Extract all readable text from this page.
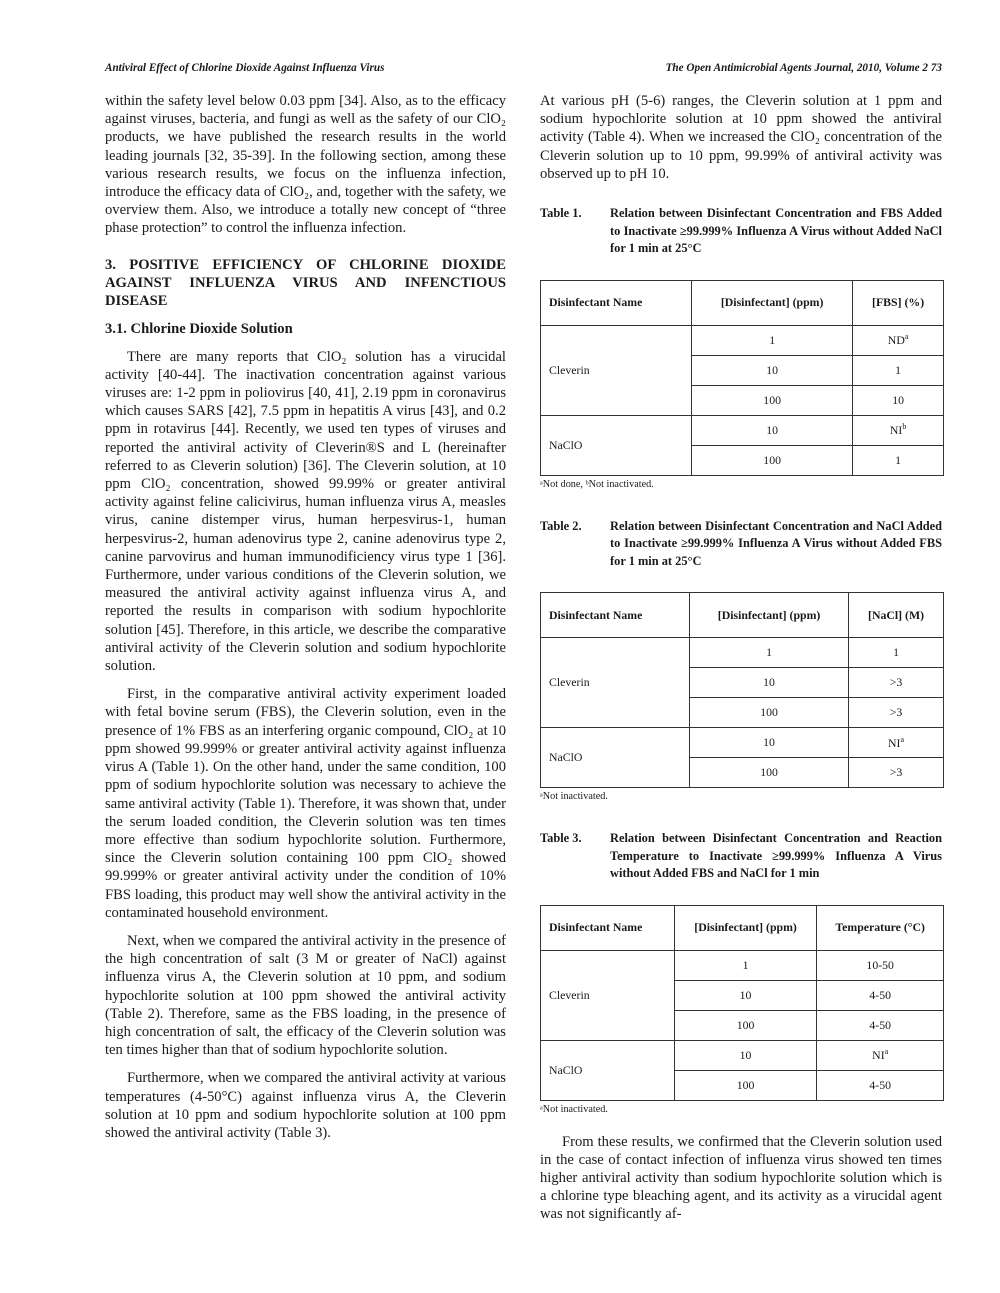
Antiviral Effect of Chlorine Dioxide Against Influenza Virus	The Open Antimicrobial Agents Journal, 2010, Volume 2 73

within the safety level below 0.03 ppm [34]. Also, as to the efficacy against viruses, bacteria, and fungi as well as the safety of our ClO₂ products, we have published the research results in the world leading journals [32, 35-39]. In the following section, among these various research results, we focus on the influenza infection, introduce the efficacy data of ClO₂, and, together with the safety, we overview them. Also, we introduce a totally new concept of “three phase protection” to control the influenza infection.

3. POSITIVE EFFICIENCY OF CHLORINE DIOXIDE AGAINST INFLUENZA VIRUS AND INFENCTIOUS DISEASE
3.1. Chlorine Dioxide Solution

There are many reports that ClO₂ solution has a virucidal activity [40-44]. The inactivation concentration against various viruses are: 1-2 ppm in poliovirus [40, 41], 2.19 ppm in coronavirus which causes SARS [42], 7.5 ppm in hepatitis A virus [43], and 0.2 ppm in rotavirus [44]. Recently, we used ten types of viruses and reported the antiviral activity of Cleverin®S and L (hereinafter referred to as Cleverin solution) [36]. The Cleverin solution, at 10 ppm ClO₂ concentration, showed 99.99% or greater antiviral activity against feline calicivirus, human influenza virus A, measles virus, canine distemper virus, human herpesvirus-1, human herpesvirus-2, human adenovirus type 2, canine adenovirus type 2, canine parvovirus and human immunodificiency virus type 1 [36]. Furthermore, under various conditions of the Cleverin solution, we measured the antiviral activity against influenza virus A, and reported the results in comparison with sodium hypochlorite solution [45]. Therefore, in this article, we describe the comparative antiviral activity of the Cleverin solution and sodium hypochlorite solution.

First, in the comparative antiviral activity experiment loaded with fetal bovine serum (FBS), the Cleverin solution, even in the presence of 1% FBS as an interfering organic compound, ClO₂ at 10 ppm showed 99.999% or greater antiviral activity against influenza virus A (Table 1). On the other hand, under the same condition, 100 ppm of sodium hypochlorite solution was necessary to achieve the same antiviral activity (Table 1). Therefore, it was shown that, under the serum loaded condition, the Cleverin solution was ten times more effective than sodium hypochlorite solution. Furthermore, since the Cleverin solution containing 100 ppm ClO₂ showed 99.999% or greater antiviral activity under the condition of 10% FBS loading, this product may well show the antiviral activity in the contaminated household environment.

Next, when we compared the antiviral activity in the presence of the high concentration of salt (3 M or greater of NaCl) against influenza virus A, the Cleverin solution at 10 ppm, and sodium hypochlorite solution at 100 ppm showed the antiviral activity (Table 2). Therefore, same as the FBS loading, in the presence of high concentration of salt, the efficacy of the Cleverin solution was ten times higher than that of sodium hypochlorite solution.

Furthermore, when we compared the antiviral activity at various temperatures (4-50°C) against influenza virus A, the Cleverin solution at 10 ppm and sodium hypochlorite solution at 100 ppm showed the antiviral activity (Table 3).

At various pH (5-6) ranges, the Cleverin solution at 1 ppm and sodium hypochlorite solution at 10 ppm showed the antiviral activity (Table 4). When we increased the ClO₂ concentration of the Cleverin solution up to 10 ppm, 99.99% of antiviral activity was observed up to pH 10.

Table 1.	Relation between Disinfectant Concentration and FBS Added to Inactivate ≥99.999% Influenza A Virus without Added NaCl for 1 min at 25°C
Disinfectant Name	[Disinfectant] (ppm)	[FBS] (%)
Cleverin	1	$ND^a$
	10	1
	100	10
NaClO	10	$NI^b$
	100	1
ᵃNot done, ᵇNot inactivated.
Table 2.	Relation between Disinfectant Concentration and NaCl Added to Inactivate ≥99.999% Influenza A Virus without Added FBS for 1 min at 25°C
Disinfectant Name	[Disinfectant] (ppm)	[NaCl] (M)
Cleverin	1	1
	10	>3
	100	>3
NaClO	10	$NI^a$
	100	>3
ᵃNot inactivated.
Table 3.	Relation between Disinfectant Concentration and Reaction Temperature to Inactivate ≥99.999% Influenza A Virus without Added FBS and NaCl for 1 min
Disinfectant Name	[Disinfectant] (ppm)	Temperature (°C)
Cleverin	1	10-50
	10	4-50
	100	4-50
NaClO	10	$NI^a$
	100	4-50
ᵃNot inactivated.

From these results, we confirmed that the Cleverin solution used in the case of contact infection of influenza virus showed ten times higher antiviral activity than sodium hypochlorite solution which is a chlorine type bleaching agent, and its activity as a virucidal agent was not significantly af-
